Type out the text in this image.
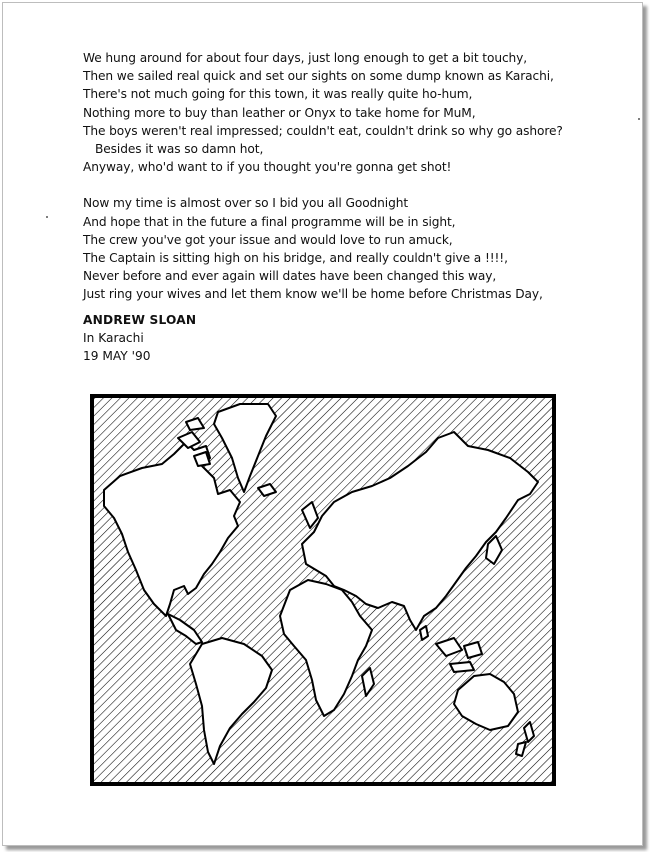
We hung around for about four days, just long enough to get a bit touchy,
Then we sailed real quick and set our sights on some dump known as Karachi,
There's not much going for this town, it was really quite ho-hum,
Nothing more to buy than leather or Onyx to take home for MuM,
The boys weren't real impressed; couldn't eat, couldn't drink so why go ashore?
Besides it was so damn hot,
Anyway, who'd want to if you thought you're gonna get shot!
Now my time is almost over so I bid you all Goodnight
And hope that in the future a final programme will be in sight,
The crew you've got your issue and would love to run amuck,
The Captain is sitting high on his bridge, and really couldn't give a !!!!,
Never before and ever again will dates have been changed this way,
Just ring your wives and let them know we'll be home before Christmas Day,
ANDREW SLOAN
In Karachi
19 MAY '90
